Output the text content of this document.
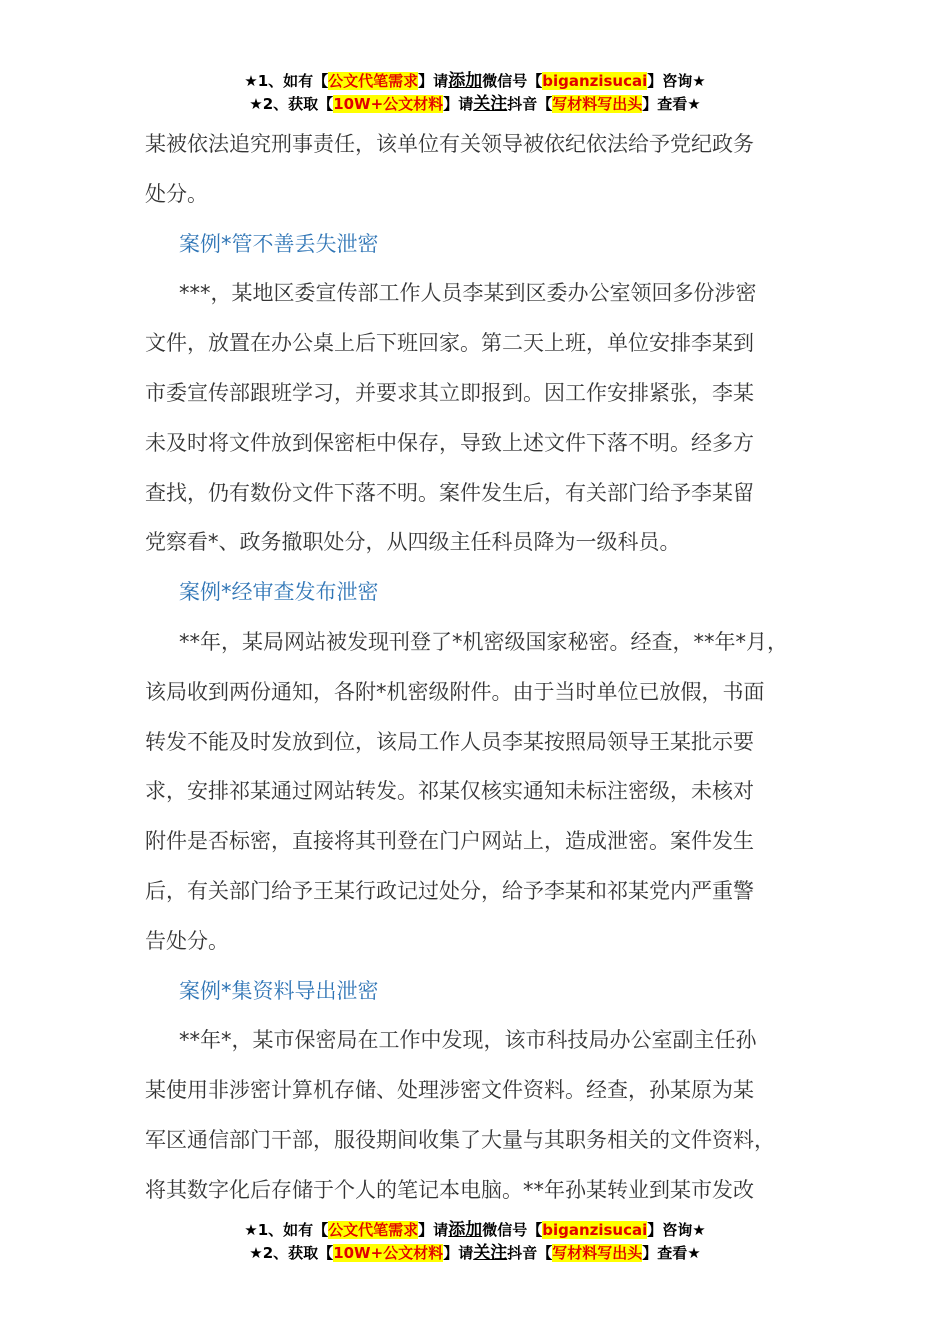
★1、如有【公文代笔需求】请添加微信号【biganzisucai】咨询★
★2、获取【10W+公文材料】请关注抖音【写材料写出头】查看★

某被依法追究刑事责任，该单位有关领导被依纪依法给予党纪政务

处分。

案例*管不善丢失泄密

***，某地区委宣传部工作人员李某到区委办公室领回多份涉密

文件，放置在办公桌上后下班回家。第二天上班，单位安排李某到

市委宣传部跟班学习，并要求其立即报到。因工作安排紧张，李某

未及时将文件放到保密柜中保存，导致上述文件下落不明。经多方

查找，仍有数份文件下落不明。案件发生后，有关部门给予李某留

党察看*、政务撤职处分，从四级主任科员降为一级科员。

案例*经审查发布泄密

**年，某局网站被发现刊登了*机密级国家秘密。经查，**年*月，

该局收到两份通知，各附*机密级附件。由于当时单位已放假，书面

转发不能及时发放到位，该局工作人员李某按照局领导王某批示要

求，安排祁某通过网站转发。祁某仅核实通知未标注密级，未核对

附件是否标密，直接将其刊登在门户网站上，造成泄密。案件发生

后，有关部门给予王某行政记过处分，给予李某和祁某党内严重警

告处分。

案例*集资料导出泄密

**年*，某市保密局在工作中发现，该市科技局办公室副主任孙

某使用非涉密计算机存储、处理涉密文件资料。经查，孙某原为某

军区通信部门干部，服役期间收集了大量与其职务相关的文件资料，

将其数字化后存储于个人的笔记本电脑。**年孙某转业到某市发改

★1、如有【公文代笔需求】请添加微信号【biganzisucai】咨询★
★2、获取【10W+公文材料】请关注抖音【写材料写出头】查看★
